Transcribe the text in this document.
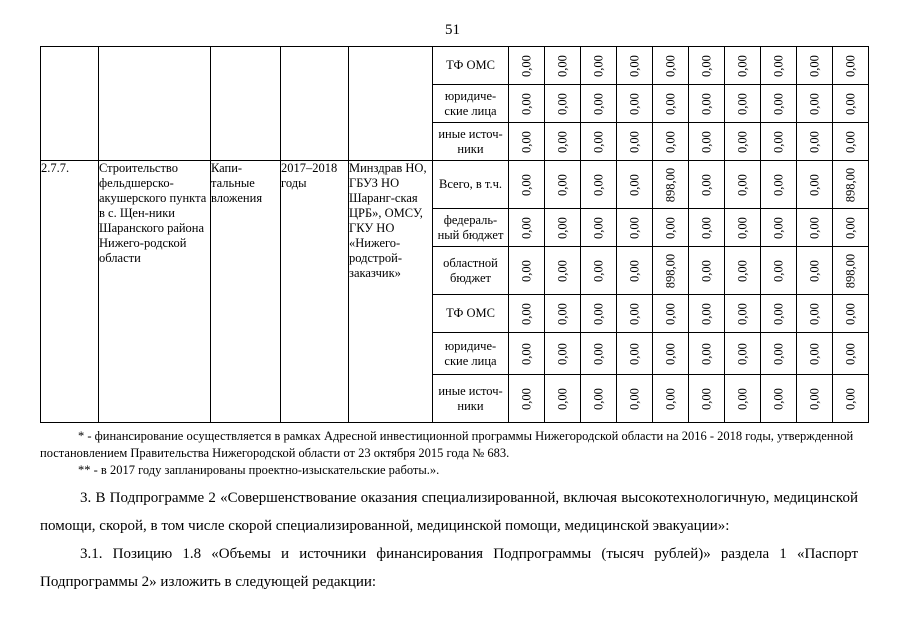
51
					ТФ ОМС	0,00	0,00	0,00	0,00	0,00	0,00	0,00	0,00	0,00	0,00

					юридиче-ские лица	0,00	0,00	0,00	0,00	0,00	0,00	0,00	0,00	0,00	0,00

					иные источ-ники	0,00	0,00	0,00	0,00	0,00	0,00	0,00	0,00	0,00	0,00

2.7.7.	Строительство фельдшерско-акушерского пункта в с. Щен-ники Шаранского района Нижего-родской области	Капи-тальные вложения	2017–2018 годы	Минздрав НО, ГБУЗ НО Шаранг-ская ЦРБ», ОМСУ, ГКУ НО «Нижего-родстрой-заказчик»	Всего, в т.ч.	0,00	0,00	0,00	0,00	898,00	0,00	0,00	0,00	0,00	898,00

					федераль-ный бюджет	0,00	0,00	0,00	0,00	0,00	0,00	0,00	0,00	0,00	0,00

					областной бюджет	0,00	0,00	0,00	0,00	898,00	0,00	0,00	0,00	0,00	898,00

					ТФ ОМС	0,00	0,00	0,00	0,00	0,00	0,00	0,00	0,00	0,00	0,00

					юридиче-ские лица	0,00	0,00	0,00	0,00	0,00	0,00	0,00	0,00	0,00	0,00

					иные источ-ники	0,00	0,00	0,00	0,00	0,00	0,00	0,00	0,00	0,00	0,00

* - финансирование осуществляется в рамках Адресной инвестиционной программы Нижегородской области на 2016 - 2018 годы, утвержденной постановлением Правительства Нижегородской области от 23 октября 2015 года № 683.

** - в 2017 году запланированы проектно-изыскательские работы.».

3. В Подпрограмме 2 «Совершенствование оказания специализированной, включая высокотехнологичную, медицинской помощи, скорой, в том числе скорой специализированной, медицинской помощи, медицинской эвакуации»:

3.1. Позицию 1.8 «Объемы и источники финансирования Подпрограммы (тысяч рублей)» раздела 1 «Паспорт Подпрограммы 2» изложить в следующей редакции:
